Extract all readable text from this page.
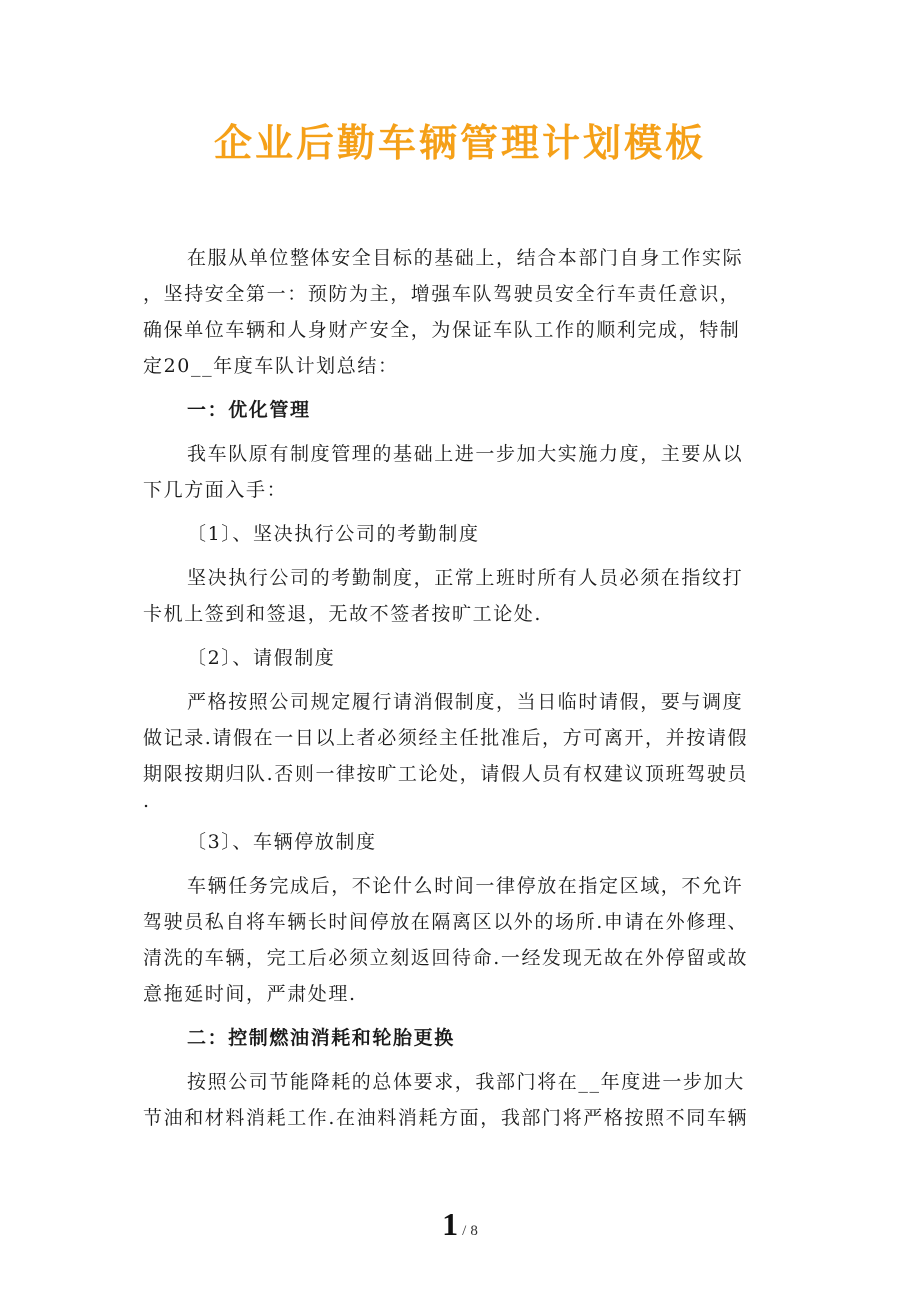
企业后勤车辆管理计划模板
在服从单位整体安全目标的基础上，结合本部门自身工作实际
，坚持安全第一：预防为主，增强车队驾驶员安全行车责任意识，
确保单位车辆和人身财产安全，为保证车队工作的顺利完成，特制
定20__年度车队计划总结：
一：优化管理
我车队原有制度管理的基础上进一步加大实施力度，主要从以
下几方面入手：
〔1〕、坚决执行公司的考勤制度
坚决执行公司的考勤制度，正常上班时所有人员必须在指纹打
卡机上签到和签退，无故不签者按旷工论处.
〔2〕、请假制度
严格按照公司规定履行请消假制度，当日临时请假，要与调度
做记录.请假在一日以上者必须经主任批准后，方可离开，并按请假
期限按期归队.否则一律按旷工论处，请假人员有权建议顶班驾驶员
.
〔3〕、车辆停放制度
车辆任务完成后，不论什么时间一律停放在指定区域，不允许
驾驶员私自将车辆长时间停放在隔离区以外的场所.申请在外修理、
清洗的车辆，完工后必须立刻返回待命.一经发现无故在外停留或故
意拖延时间，严肃处理.
二：控制燃油消耗和轮胎更换
按照公司节能降耗的总体要求，我部门将在__年度进一步加大
节油和材料消耗工作.在油料消耗方面，我部门将严格按照不同车辆
1 / 8
